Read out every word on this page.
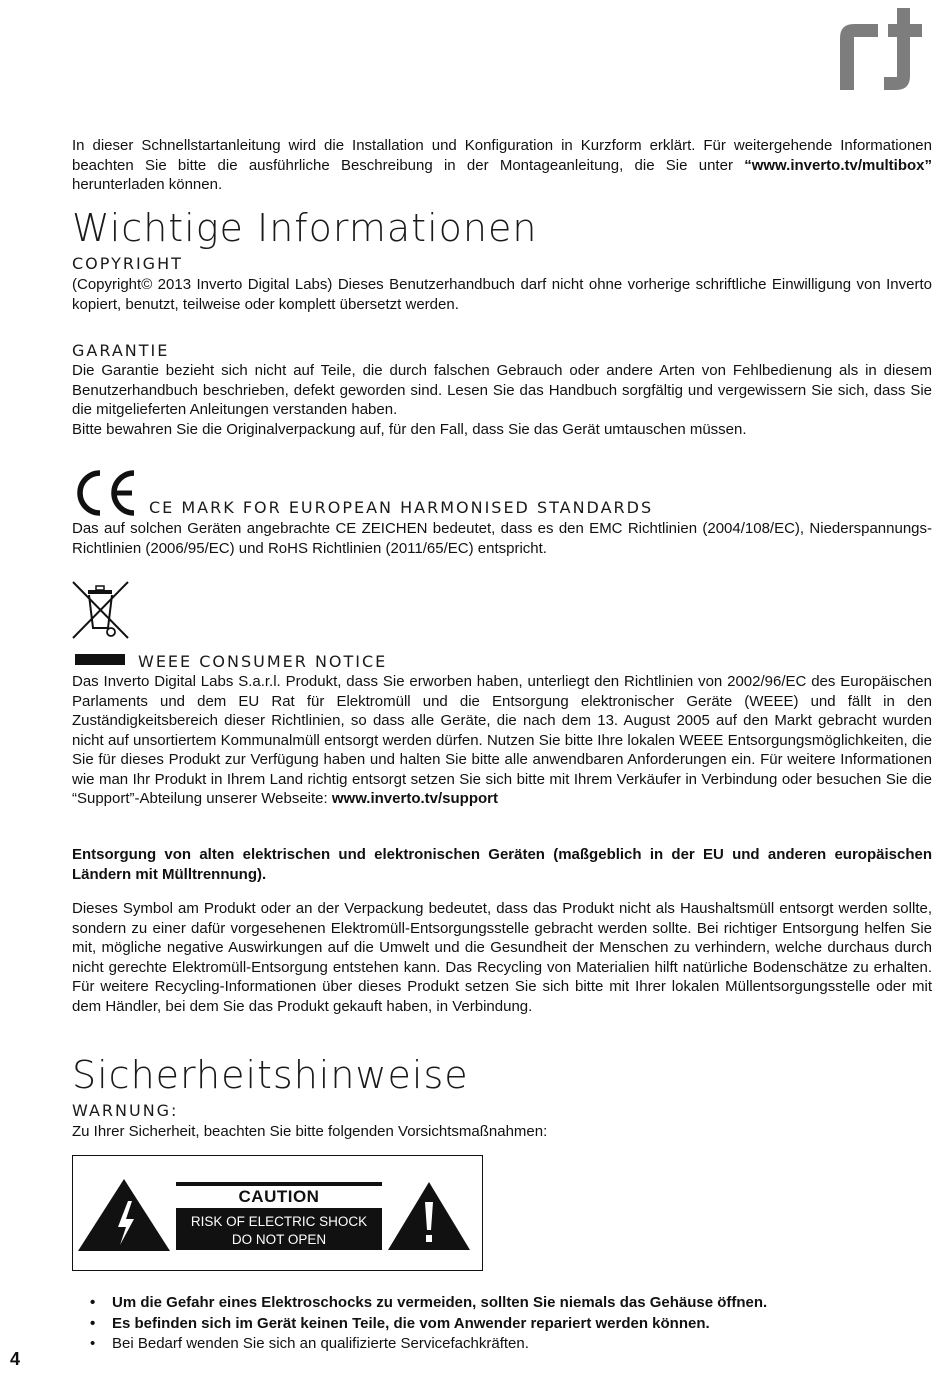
In dieser Schnellstartanleitung wird die Installation und Konfiguration in Kurzform erklärt. Für weitergehende Informationen beachten Sie bitte die ausführliche Beschreibung in der Montageanleitung, die Sie unter “www.inverto.tv/multibox” herunterladen können.

Wichtige Informationen
COPYRIGHT

(Copyright© 2013 Inverto Digital Labs) Dieses Benutzerhandbuch darf nicht ohne vorherige schriftliche Einwilligung von Inverto kopiert, benutzt, teilweise oder komplett übersetzt werden.

GARANTIE

Die Garantie bezieht sich nicht auf Teile, die durch falschen Gebrauch oder andere Arten von Fehlbedienung als in diesem Benutzerhandbuch beschrieben, defekt geworden sind. Lesen Sie das Handbuch sorgfältig und vergewissern Sie sich, dass Sie die mitgelieferten Anleitungen verstanden haben.

Bitte bewahren Sie die Originalverpackung auf, für den Fall, dass Sie das Gerät umtauschen müssen.

CE MARK FOR EUROPEAN HARMONISED STANDARDS

Das auf solchen Geräten angebrachte CE ZEICHEN bedeutet, dass es den EMC Richtlinien (2004/108/EC), Niederspannungs-Richtlinien (2006/95/EC) und RoHS Richtlinien (2011/65/EC) entspricht.

WEEE CONSUMER NOTICE

Das Inverto Digital Labs S.a.r.l. Produkt, dass Sie erworben haben, unterliegt den Richtlinien von 2002/96/EC des Europäischen Parlaments und dem EU Rat für Elektromüll und die Entsorgung elektronischer Geräte (WEEE) und fällt in den Zuständigkeitsbereich dieser Richtlinien, so dass alle Geräte, die nach dem 13. August 2005 auf den Markt gebracht wurden nicht auf unsortiertem Kommunalmüll entsorgt werden dürfen. Nutzen Sie bitte Ihre lokalen WEEE Entsorgungsmöglichkeiten, die Sie für dieses Produkt zur Verfügung haben und halten Sie bitte alle anwendbaren Anforderungen ein. Für weitere Informationen wie man Ihr Produkt in Ihrem Land richtig entsorgt setzen Sie sich bitte mit Ihrem Verkäufer in Verbindung oder besuchen Sie die “Support”-Abteilung unserer Webseite: www.inverto.tv/support

Entsorgung von alten elektrischen und elektronischen Geräten (maßgeblich in der EU und anderen europäischen Ländern mit Mülltrennung).

Dieses Symbol am Produkt oder an der Verpackung bedeutet, dass das Produkt nicht als Haushaltsmüll entsorgt werden sollte, sondern zu einer dafür vorgesehenen Elektromüll-Entsorgungsstelle gebracht werden sollte. Bei richtiger Entsorgung helfen Sie mit, mögliche negative Auswirkungen auf die Umwelt und die Gesundheit der Menschen zu verhindern, welche durchaus durch nicht gerechte Elektromüll-Entsorgung entstehen kann. Das Recycling von Materialien hilft natürliche Bodenschätze zu erhalten. Für weitere Recycling-Informationen über dieses Produkt setzen Sie sich bitte mit Ihrer lokalen Müllentsorgungsstelle oder mit dem Händler, bei dem Sie das Produkt gekauft haben, in Verbindung.

Sicherheitshinweise
WARNUNG:

Zu Ihrer Sicherheit, beachten Sie bitte folgenden Vorsichtsmaßnahmen:

CAUTION
RISK OF ELECTRIC SHOCK
DO NOT OPEN
• Um die Gefahr eines Elektroschocks zu vermeiden, sollten Sie niemals das Gehäuse öffnen.
• Es befinden sich im Gerät keinen Teile, die vom Anwender repariert werden können.
• Bei Bedarf wenden Sie sich an qualifizierte Servicefachkräften.
4
